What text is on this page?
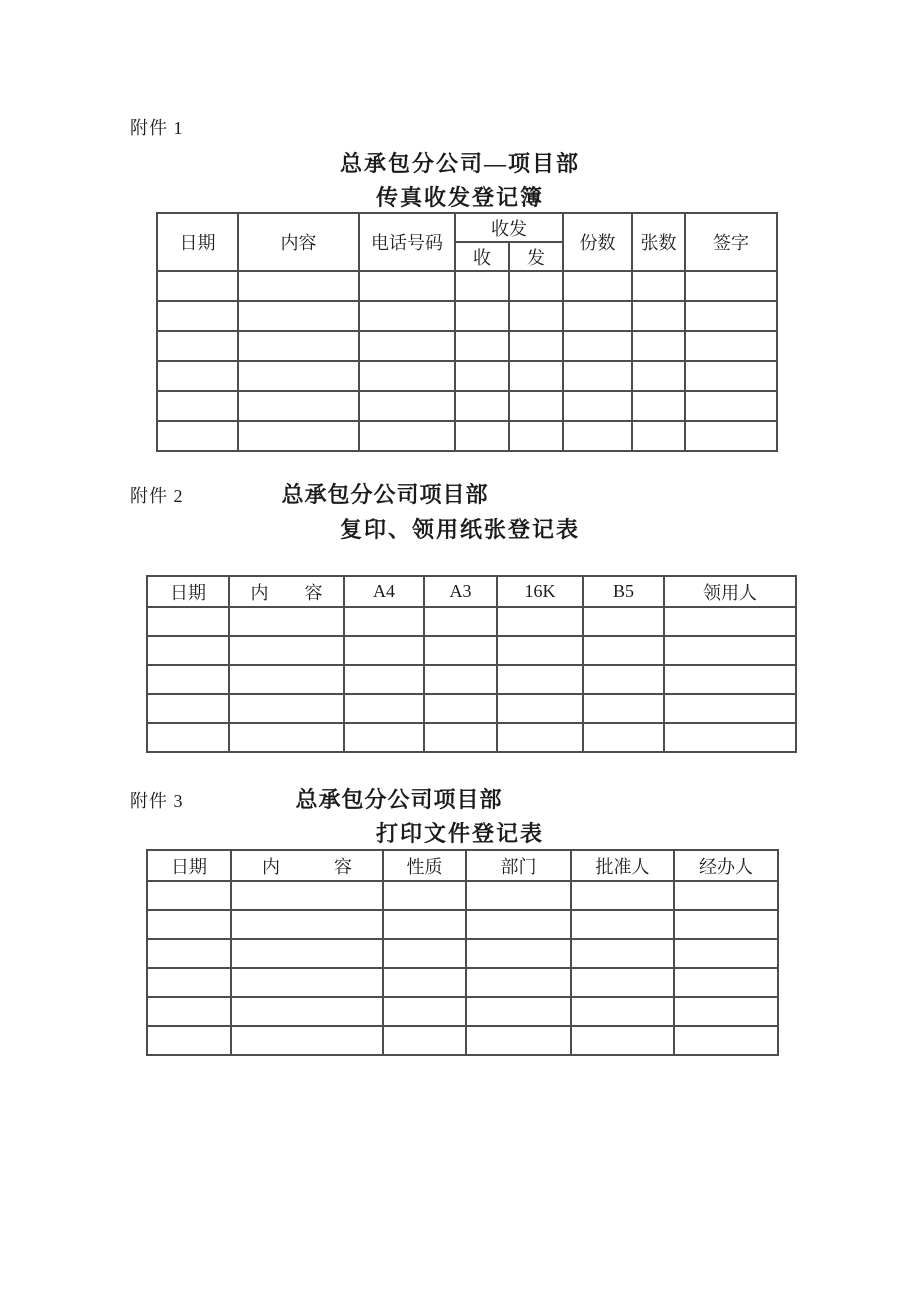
附件 1
总承包分公司—项目部
传真收发登记簿
日期	内容	电话号码	收发		份数	张数	签字
			收	发			

附件 2	总承包分公司项目部
复印、领用纸张登记表
日期	内　　容	A4	A3	16K	B5	领用人

附件 3	总承包分公司项目部
打印文件登记表
日期	内　　　容	性质	部门	批准人	经办人
